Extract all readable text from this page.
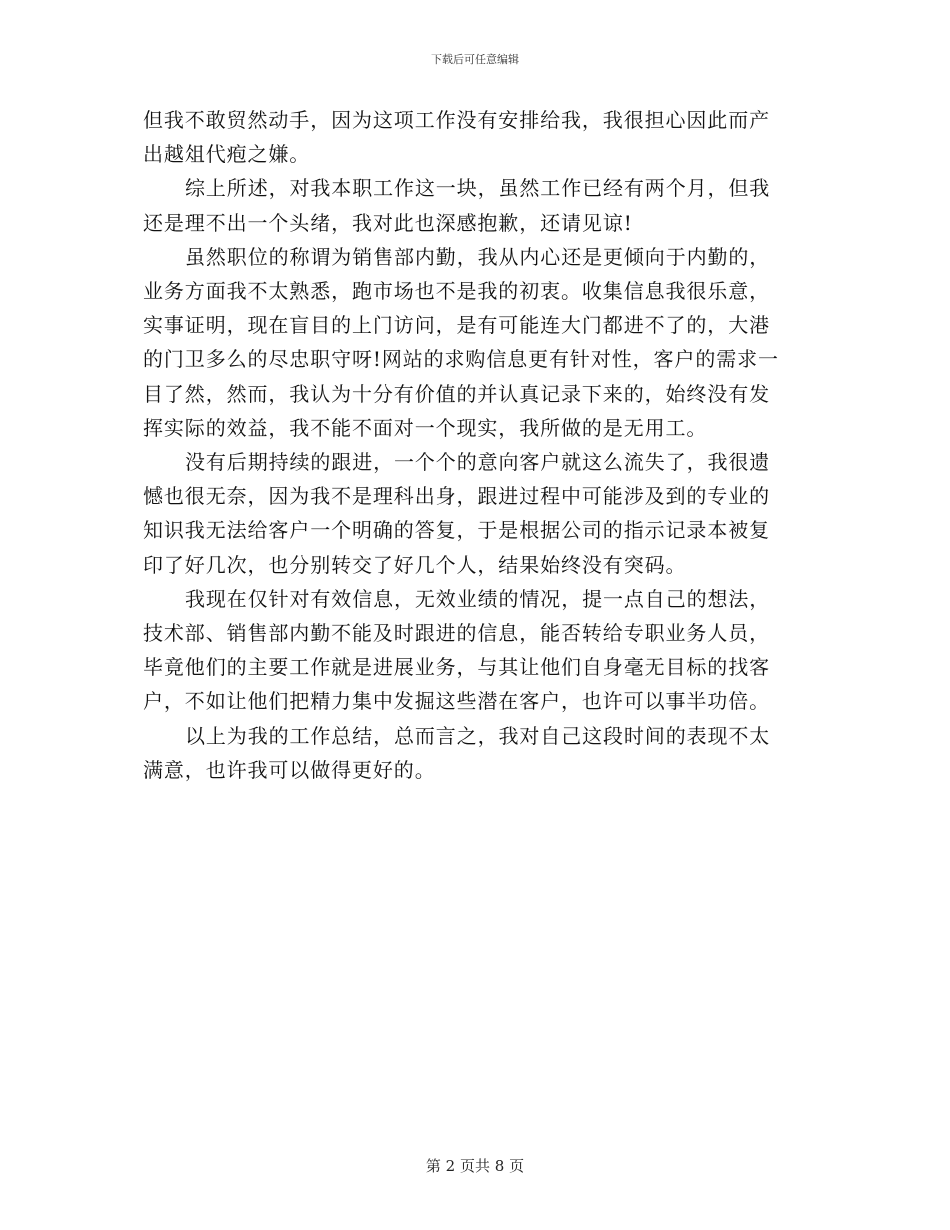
下载后可任意编辑

但我不敢贸然动手，因为这项工作没有安排给我，我很担心因此而产
出越俎代疱之嫌。

综上所述，对我本职工作这一块，虽然工作已经有两个月，但我
还是理不出一个头绪，我对此也深感抱歉，还请见谅!

虽然职位的称谓为销售部内勤，我从内心还是更倾向于内勤的，
业务方面我不太熟悉，跑市场也不是我的初衷。收集信息我很乐意，
实事证明，现在盲目的上门访问，是有可能连大门都进不了的，大港
的门卫多么的尽忠职守呀!网站的求购信息更有针对性，客户的需求一
目了然，然而，我认为十分有价值的并认真记录下来的，始终没有发
挥实际的效益，我不能不面对一个现实，我所做的是无用工。

没有后期持续的跟进，一个个的意向客户就这么流失了，我很遗
憾也很无奈，因为我不是理科出身，跟进过程中可能涉及到的专业的
知识我无法给客户一个明确的答复，于是根据公司的指示记录本被复
印了好几次，也分别转交了好几个人，结果始终没有突码。

我现在仅针对有效信息，无效业绩的情况，提一点自己的想法，
技术部、销售部内勤不能及时跟进的信息，能否转给专职业务人员，
毕竟他们的主要工作就是进展业务，与其让他们自身毫无目标的找客
户，不如让他们把精力集中发掘这些潜在客户，也许可以事半功倍。

以上为我的工作总结，总而言之，我对自己这段时间的表现不太
满意，也许我可以做得更好的。

第 2 页共 8 页
